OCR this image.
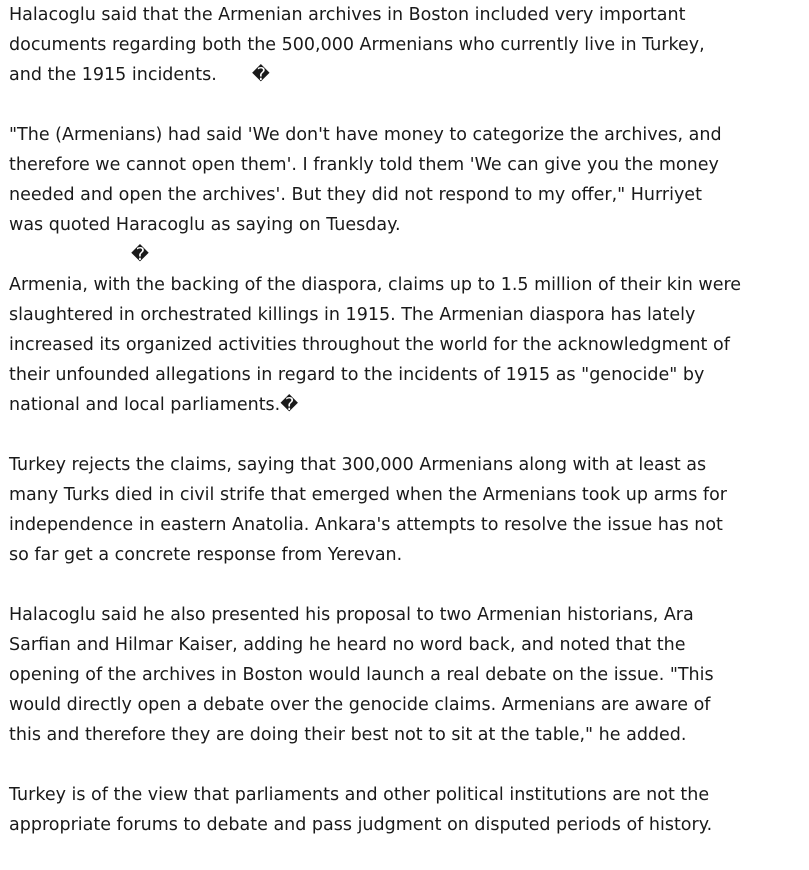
Halacoglu said that the Armenian archives in Boston included very important
documents regarding both the 500,000 Armenians who currently live in Turkey,
and the 1915 incidents. �

"The (Armenians) had said 'We don't have money to categorize the archives, and
therefore we cannot open them'. I frankly told them 'We can give you the money
needed and open the archives'. But they did not respond to my offer," Hurriyet
was quoted Haracoglu as saying on Tuesday.
�

Armenia, with the backing of the diaspora, claims up to 1.5 million of their kin were
slaughtered in orchestrated killings in 1915. The Armenian diaspora has lately
increased its organized activities throughout the world for the acknowledgment of
their unfounded allegations in regard to the incidents of 1915 as "genocide" by
national and local parliaments.�

Turkey rejects the claims, saying that 300,000 Armenians along with at least as
many Turks died in civil strife that emerged when the Armenians took up arms for
independence in eastern Anatolia. Ankara's attempts to resolve the issue has not
so far get a concrete response from Yerevan.

Halacoglu said he also presented his proposal to two Armenian historians, Ara
Sarfian and Hilmar Kaiser, adding he heard no word back, and noted that the
opening of the archives in Boston would launch a real debate on the issue. "This
would directly open a debate over the genocide claims. Armenians are aware of
this and therefore they are doing their best not to sit at the table," he added.

Turkey is of the view that parliaments and other political institutions are not the
appropriate forums to debate and pass judgment on disputed periods of history.
